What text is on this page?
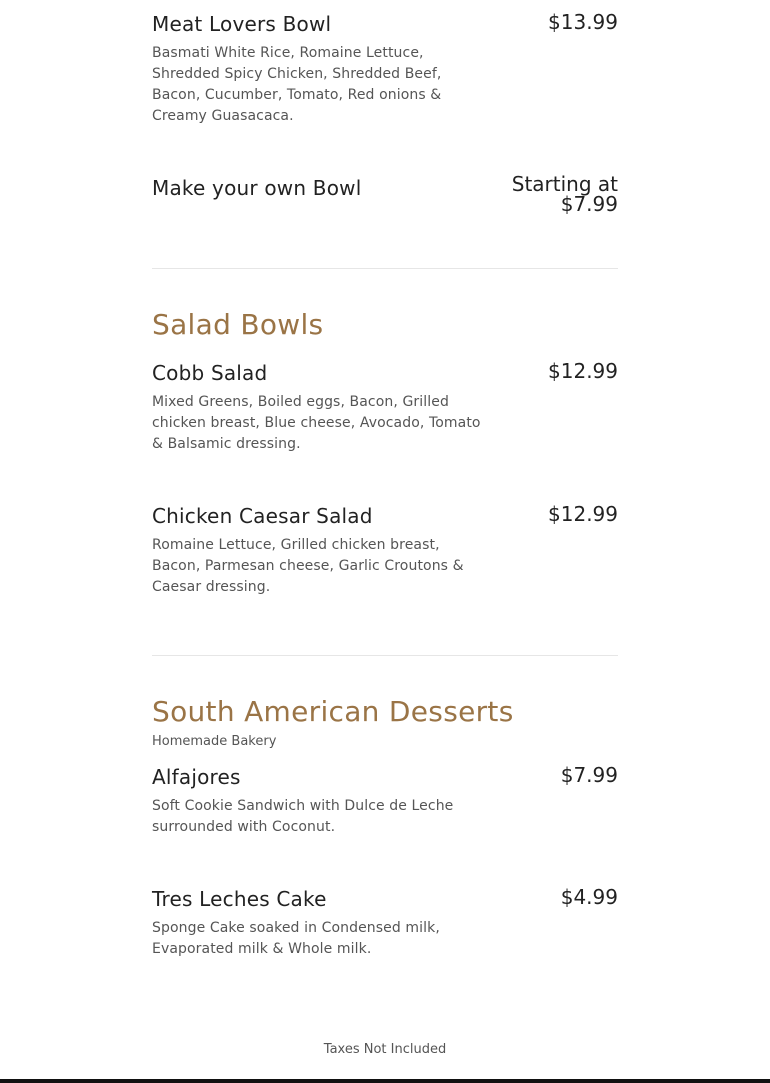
Meat Lovers Bowl	$13.99
Basmati White Rice, Romaine Lettuce, Shredded Spicy Chicken, Shredded Beef, Bacon, Cucumber, Tomato, Red onions & Creamy Guasacaca.
Make your own Bowl	Starting at
$7.99
Salad Bowls
Cobb Salad	$12.99
Mixed Greens, Boiled eggs, Bacon, Grilled chicken breast, Blue cheese, Avocado, Tomato & Balsamic dressing.
Chicken Caesar Salad	$12.99
Romaine Lettuce, Grilled chicken breast, Bacon, Parmesan cheese, Garlic Croutons & Caesar dressing.
South American Desserts
Homemade Bakery
Alfajores	$7.99
Soft Cookie Sandwich with Dulce de Leche surrounded with Coconut.
Tres Leches Cake	$4.99
Sponge Cake soaked in Condensed milk, Evaporated milk & Whole milk.
Taxes Not Included
